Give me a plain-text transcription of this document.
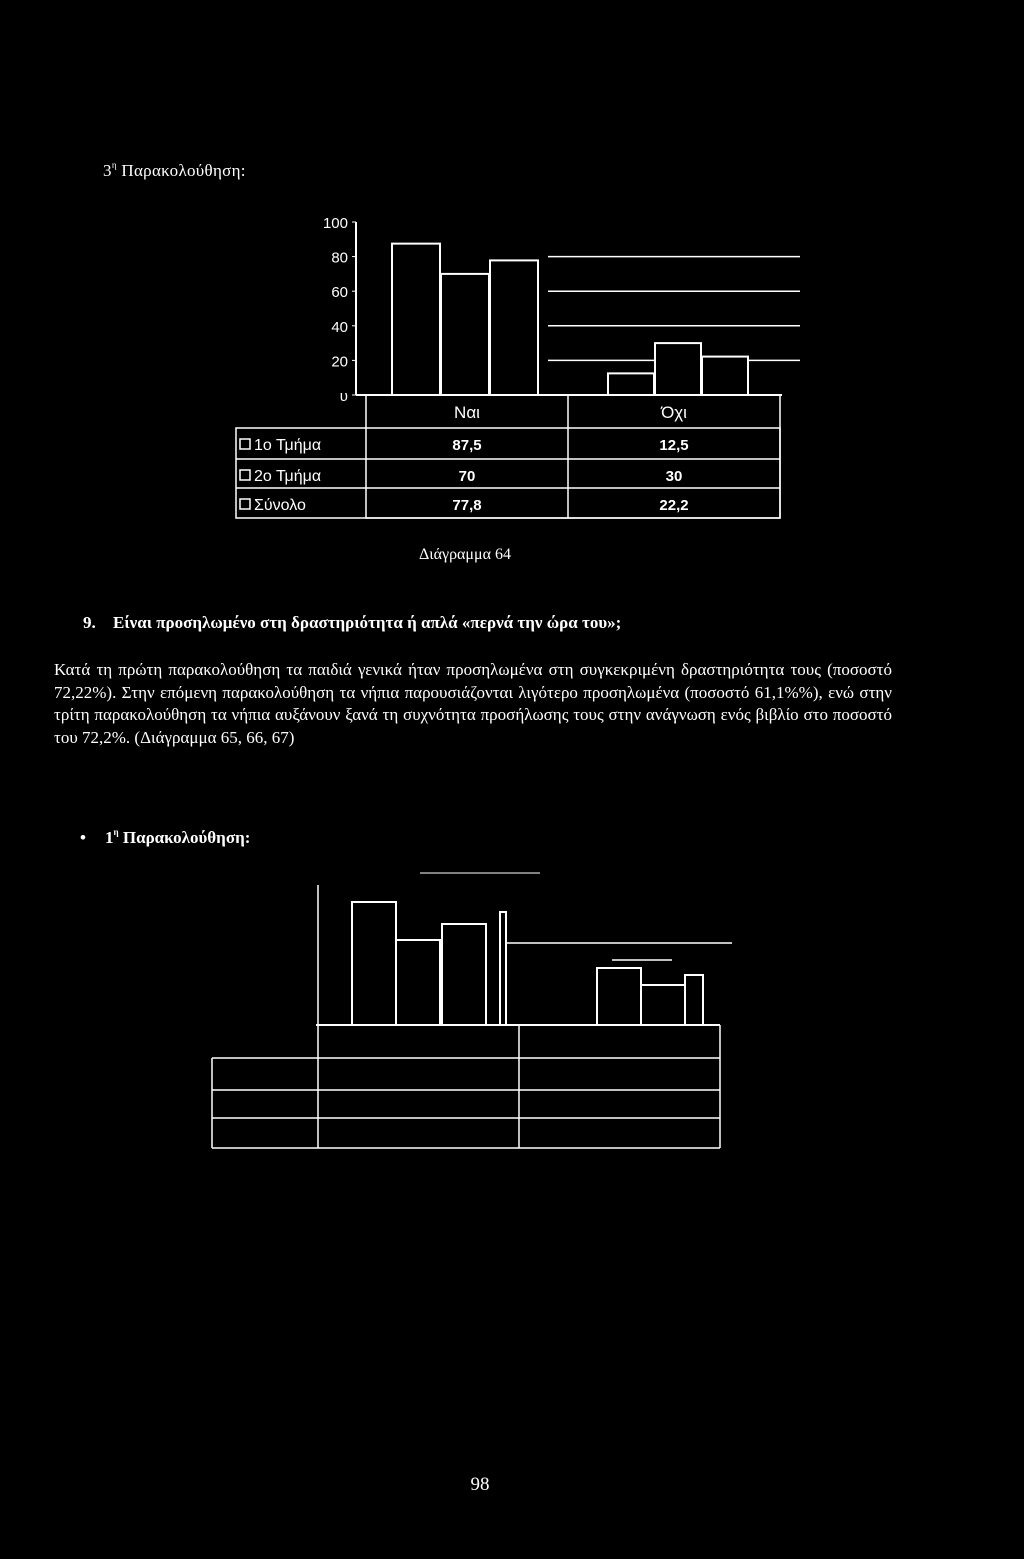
$3^\eta$ Παρακολούθηση:
100
80
60
40
20
υ
Ναι	Όχι
1ο Τμήμα	87,5	12,5
2ο Τμήμα	70	30
Σύνολο	77,8	22,2
Διάγραμμα 64
9. Είναι προσηλωμένο στη δραστηριότητα ή απλά «περνά την ώρα του»;
Κατά τη πρώτη παρακολούθηση τα παιδιά γενικά ήταν προσηλωμένα στη συγκεκριμένη δραστηριότητα τους (ποσοστό 72,22%). Στην επόμενη παρακολούθηση τα νήπια παρουσιάζονται λιγότερο προσηλωμένα (ποσοστό 61,1%%), ενώ στην τρίτη παρακολούθηση τα νήπια αυξάνουν ξανά τη συχνότητα προσήλωσης τους στην ανάγνωση ενός βιβλίο στο ποσοστό του 72,2%. (Διάγραμμα 65, 66, 67)
• $1^\eta$ Παρακολούθηση:
98
